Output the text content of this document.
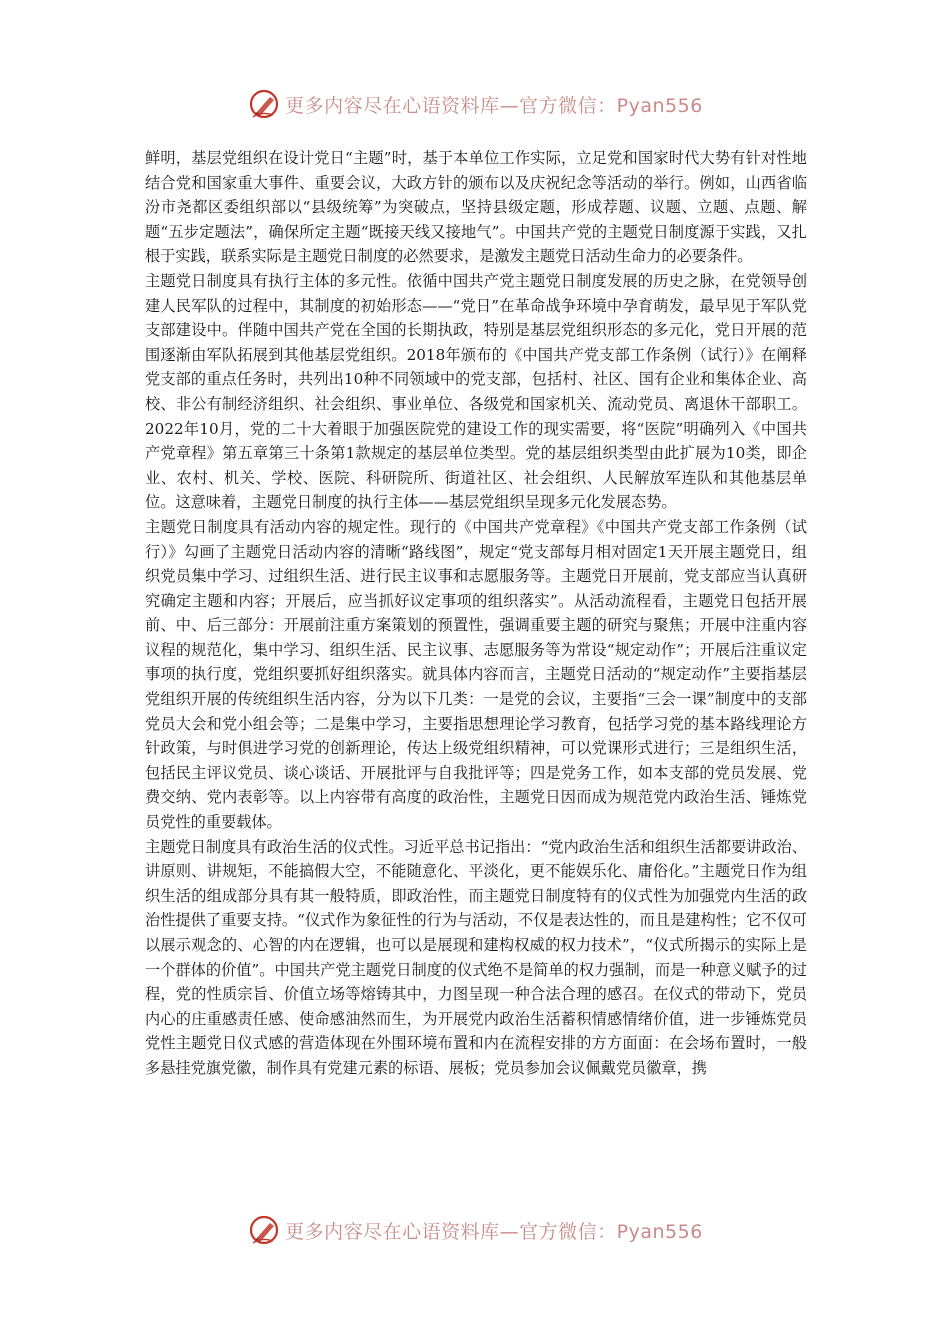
更多内容尽在心语资料库—官方微信：Pyan556

鲜明，基层党组织在设计党日“主题”时，基于本单位工作实际，立足党和国家时代大势有针对性地结合党和国家重大事件、重要会议，大政方针的颁布以及庆祝纪念等活动的举行。例如，山西省临汾市尧都区委组织部以“县级统筹”为突破点，坚持县级定题，形成荐题、议题、立题、点题、解题“五步定题法”，确保所定主题“既接天线又接地气”。中国共产党的主题党日制度源于实践，又扎根于实践，联系实际是主题党日制度的必然要求，是激发主题党日活动生命力的必要条件。

主题党日制度具有执行主体的多元性。依循中国共产党主题党日制度发展的历史之脉，在党领导创建人民军队的过程中，其制度的初始形态——“党日”在革命战争环境中孕育萌发，最早见于军队党支部建设中。伴随中国共产党在全国的长期执政，特别是基层党组织形态的多元化，党日开展的范围逐渐由军队拓展到其他基层党组织。2018年颁布的《中国共产党支部工作条例（试行）》在阐释党支部的重点任务时，共列出10种不同领域中的党支部，包括村、社区、国有企业和集体企业、高校、非公有制经济组织、社会组织、事业单位、各级党和国家机关、流动党员、离退休干部职工。2022年10月，党的二十大着眼于加强医院党的建设工作的现实需要，将“医院”明确列入《中国共产党章程》第五章第三十条第1款规定的基层单位类型。党的基层组织类型由此扩展为10类，即企业、农村、机关、学校、医院、科研院所、街道社区、社会组织、人民解放军连队和其他基层单位。这意味着，主题党日制度的执行主体——基层党组织呈现多元化发展态势。

主题党日制度具有活动内容的规定性。现行的《中国共产党章程》《中国共产党支部工作条例（试行）》勾画了主题党日活动内容的清晰“路线图”，规定“党支部每月相对固定1天开展主题党日，组织党员集中学习、过组织生活、进行民主议事和志愿服务等。主题党日开展前，党支部应当认真研究确定主题和内容；开展后，应当抓好议定事项的组织落实”。从活动流程看，主题党日包括开展前、中、后三部分：开展前注重方案策划的预置性，强调重要主题的研究与聚焦；开展中注重内容议程的规范化，集中学习、组织生活、民主议事、志愿服务等为常设“规定动作”；开展后注重议定事项的执行度，党组织要抓好组织落实。就具体内容而言，主题党日活动的“规定动作”主要指基层党组织开展的传统组织生活内容，分为以下几类：一是党的会议，主要指“三会一课”制度中的支部党员大会和党小组会等；二是集中学习，主要指思想理论学习教育，包括学习党的基本路线理论方针政策，与时俱进学习党的创新理论，传达上级党组织精神，可以党课形式进行；三是组织生活，包括民主评议党员、谈心谈话、开展批评与自我批评等；四是党务工作，如本支部的党员发展、党费交纳、党内表彰等。以上内容带有高度的政治性，主题党日因而成为规范党内政治生活、锤炼党员党性的重要载体。

主题党日制度具有政治生活的仪式性。习近平总书记指出：“党内政治生活和组织生活都要讲政治、讲原则、讲规矩，不能搞假大空，不能随意化、平淡化，更不能娱乐化、庸俗化。”主题党日作为组织生活的组成部分具有其一般特质，即政治性，而主题党日制度特有的仪式性为加强党内生活的政治性提供了重要支持。“仪式作为象征性的行为与活动，不仅是表达性的，而且是建构性；它不仅可以展示观念的、心智的内在逻辑，也可以是展现和建构权威的权力技术”，“仪式所揭示的实际上是一个群体的价值”。中国共产党主题党日制度的仪式绝不是简单的权力强制，而是一种意义赋予的过程，党的性质宗旨、价值立场等熔铸其中，力图呈现一种合法合理的感召。在仪式的带动下，党员内心的庄重感责任感、使命感油然而生，为开展党内政治生活蓄积情感情绪价值，进一步锤炼党员党性主题党日仪式感的营造体现在外围环境布置和内在流程安排的方方面面：在会场布置时，一般多悬挂党旗党徽，制作具有党建元素的标语、展板；党员参加会议佩戴党员徽章，携

更多内容尽在心语资料库—官方微信：Pyan556
